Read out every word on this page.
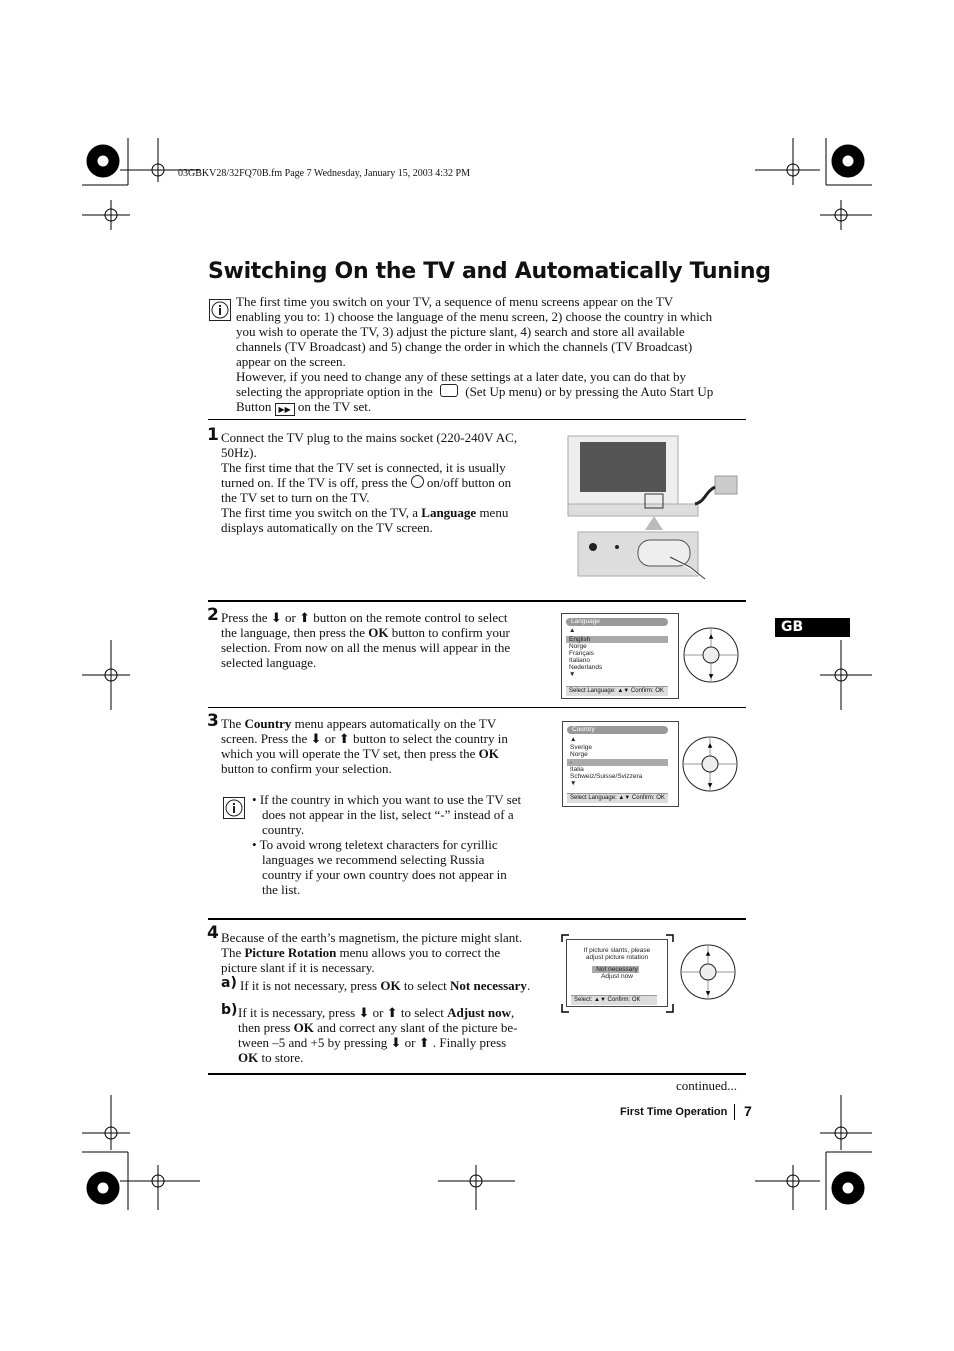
03GBKV28/32FQ70B.fm Page 7 Wednesday, January 15, 2003 4:32 PM
Switching On the TV and Automatically Tuning
The first time you switch on your TV, a sequence of menu screens appear on the TV
enabling you to: 1) choose the language of the menu screen, 2) choose the country in which
you wish to operate the TV, 3) adjust the picture slant, 4) search and store all available
channels (TV Broadcast) and 5) change the order in which the channels (TV Broadcast)
appear on the screen.
However, if you need to change any of these settings at a later date, you can do that by
selecting the appropriate option in the	(Set Up menu) or by pressing the Auto Start Up
Button ▶▶ on the TV set.
1 Connect the TV plug to the mains socket (220-240V AC,
50Hz).
The first time that the TV set is connected, it is usually
turned on. If the TV is off, press the on/off button on
the TV set to turn on the TV.
The first time you switch on the TV, a Language menu
displays automatically on the TV screen.
GB
2 Press the ⬇ or ⬆ button on the remote control to select
the language, then press the OK button to confirm your
selection. From now on all the menus will appear in the
selected language.
Language
▲
English
Norge
Français
Italiano
Nederlands
▼
Select Language: ▲▼ Confirm: OK
▲
▼
3 The Country menu appears automatically on the TV
screen. Press the ⬇ or ⬆ button to select the country in
which you will operate the TV set, then press the OK
button to confirm your selection.
Country
▲
Sverige
Norge
-
Italia
Schweiz/Suisse/Svizzera
▼
Select Language: ▲▼ Confirm: OK
▲
▼
• If the country in which you want to use the TV set
does not appear in the list, select “-” instead of a
country.
• To avoid wrong teletext characters for cyrillic
languages we recommend selecting Russia
country if your own country does not appear in
the list.
4 Because of the earth’s magnetism, the picture might slant.
The Picture Rotation menu allows you to correct the
picture slant if it is necessary.
a) If it is not necessary, press OK to select Not necessary.
b) If it is necessary, press ⬇ or ⬆ to select Adjust now,
then press OK and correct any slant of the picture be-
tween –5 and +5 by pressing ⬇ or ⬆ . Finally press
OK to store.
If picture slants, please
adjust picture rotation
Not necessary
Adjust now
Select: ▲▼ Confirm: OK
▲
▼
continued...
First Time Operation 7
